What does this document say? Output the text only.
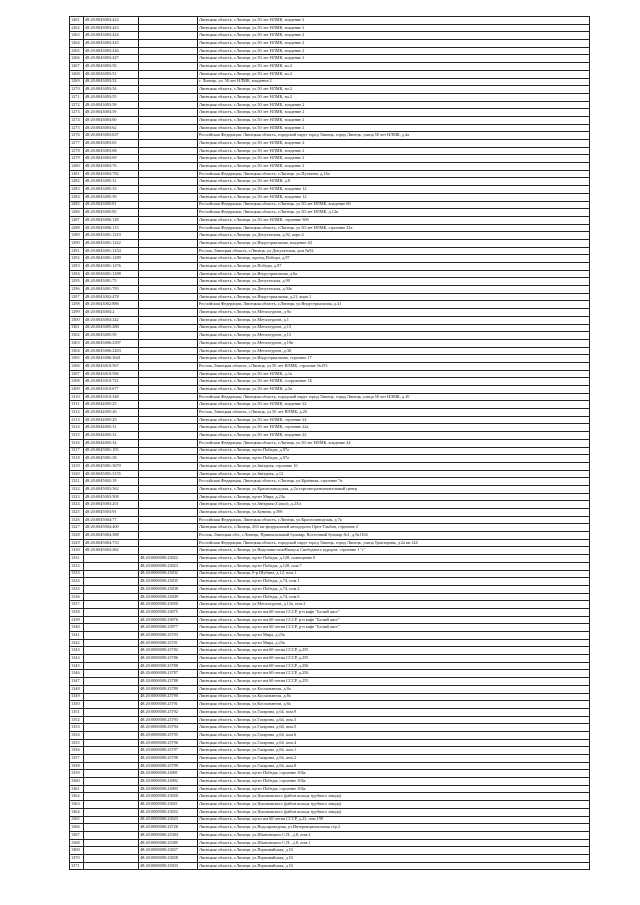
1261	48:20:0043003:422		Липецкая область, г.Липецк, ул.50 лет НЛМК, владение 2
1262	48:20:0043003:423		Липецкая область, г.Липецк, ул.50 лет НЛМК, владение 2
1263	48:20:0043003:424		Липецкая область, г.Липецк, ул.50 лет НЛМК, владение 2
1264	48:20:0043003:425		Липецкая область, г.Липецк, ул.50 лет НЛМК, владение 2
1265	48:20:0043003:426		Липецкая область, г.Липецк, ул.50 лет НЛМК, владение 2
1266	48:20:0043003:427		Липецкая область, г.Липецк, ул.50 лет НЛМК, владение 2
1267	48:20:0043003:50		Липецкая область, г.Липецк, ул.50 лет НЛМК, вл.2
1268	48:20:0043003:51		Липецкая область, г.Липецк, ул.50 лет НЛМК, вл.2
1269	48:20:0043003:52		г. Липецк, ул. 50 лет НЛМК, владение 2
1270	48:20:0043003:54		Липецкая область, г.Липецк, ул.50 лет НЛМК, вл.2
1271	48:20:0043003:55		Липецкая область, г.Липецк, ул.50 лет НЛМК, вл.2
1272	48:20:0043003:58		Липецкая область, г.Липецк, ул.50 лет НЛМК, владение 2
1273	48:20:0043003:59		Липецкая область, г.Липецк, ул.50 лет НЛМК, владение 2
1274	48:20:0043003:60		Липецкая область, г.Липецк, ул.50 лет НЛМК, владение 2
1275	48:20:0043003:62		Липецкая область, г.Липецк, ул.50 лет НЛМК, владение 2
1276	48:20:0043003:637		Российская Федерация, Липецкая область, городской округ город Липецк, город Липецк, улица 50 лет НЛМК, д.4а
1277	48:20:0043003:65		Липецкая область, г.Липецк, ул.50 лет НЛМК, владение 2
1278	48:20:0043003:68		Липецкая область, г.Липецк, ул.50 лет НЛМК, владение 2
1279	48:20:0043003:69		Липецкая область, г.Липецк, ул.50 лет НЛМК, владение 2
1280	48:20:0043003:76		Липецкая область, г.Липецк, ул.50 лет НЛМК, владение 2
1281	48:20:0043004:782		Российская Федерация, Липецкая область, г.Липецк, ул.Пугачева, д.16а
1282	48:20:0043005:31		Липецкая область, г.Липецк, ул.50 лет НЛМК, д.8
1283	48:20:0043005:35		Липецкая область, г.Липецк, ул.50 лет НЛМК, владение 12
1284	48:20:0043005:39		Липецкая область, г.Липецк, ул.50 лет НЛМК, владение 12
1285	48:20:0043005:81		Российская Федерация, Липецкая область, г.Липецк, ул.50 лет НЛМК, владение 66
1286	48:20:0043005:85		Российская Федерация, Липецкая область, г.Липецк, ул.50 лет НЛМК, д.12в
1287	48:20:0043006:128		Липецкая область, г.Липецк, ул.50 лет НЛМК, строение 30б
1288	48:20:0043006:113		Российская Федерация, Липецкая область, г.Липецк, ул.50 лет НЛМК, строение 31а
1289	48:20:0043001:1219		Липецкая область, г.Липецк, ул.Депутатская, д.92, корп.4
1290	48:20:0043001:1222		Липецкая область, г.Липецк, ул.Индустриальная, владение 44
1291	48:20:0043001:1254		Россия, Липецкая область, г.Липецк, ул.Депутатская, дом №92
1292	48:20:0043001:1289		Липецкая область, г.Липецк, проезд Победы, д.87
1293	48:20:0043001:1276		Липецкая область, г.Липецк, ул.Победы, д.87
1294	48:20:0043001:1288		Липецкая область, г.Липецк, ул.Индустриальная, д.6а
1295	48:20:0043001:75		Липецкая область, г.Липецк, ул.Депутатская, д.90
1296	48:20:0043001:783		Липецкая область, г.Липецк, ул.Депутатская, д.94а
1297	48:20:0043002:478		Липецкая область, г.Липецк, ул.Индустриальная, д.21, корп.1
1298	48:20:0043002:886		Российская Федерация, Липецкая область, г.Липецк, ул.Индустриальная, д.41
1299	48:20:0043004:2		Липецкая область, г.Липецк, ул.Металлургов, д.9а
1300	48:20:0043004:242		Липецкая область, г.Липецк, ул.Металлургов, д.1
1301	48:20:0043005:288		Липецкая область, г.Липецк, ул.Металлургов, д.13
1302	48:20:0043005:59		Липецкая область, г.Липецк, ул.Металлургов, д.13
1303	48:20:0043006:2397		Липецкая область, г.Липецк, ул.Металлургов, д.19в
1304	48:20:0043006:2263		Липецкая область, г.Липецк, ул.Металлургов, д.36
1305	48:20:0043006:3641		Липецкая область, г.Липецк, ул.Индустриальная, строение 17
1306	48:20:0043010:567		Россия, Липецкая область, г.Липецк, ул.50 лет НЛМК, строение №155
1307	48:20:0043010:596		Липецкая область, г.Липецк, ул.50 лет НЛМК, д.1а
1308	48:20:0043010:721		Липецкая область, г.Липецк, ул.50 лет НЛМК, сооружение 1Б
1309	48:20:0043010:677		Липецкая область, г.Липецк, ул.50 лет НЛМК, д.3а
1310	48:20:0043010:348		Российская Федерация, Липецкая область, городской округ город Липецк, город Липецк, улица 50 лет НЛМК, д.10
1311	48:20:0044005:25		Липецкая область, г.Липецк, ул.50 лет НЛМК, владение 22
1312	48:20:0044005:26		Россия, Липецкая область, г.Липецк, ул.50 лет НЛМК, д.20
1313	48:20:0044005:29		Липецкая область, г.Липецк, ул.50 лет НЛМК, строение 24
1314	48:20:0044005:31		Липецкая область, г.Липецк, ул.50 лет НЛМК, строение 22а
1315	48:20:0044005:32		Липецкая область, г.Липецк, ул.50 лет НЛМК, владение 22
1316	48:20:0044005:34		Российская Федерация, Липецкая область, г.Липецк, ул.50 лет НЛМК, владение 24
1317	48:20:0045001:105		Липецкая область, г.Липецк, пр-кт Победы, д.87а
1318	48:20:0045001:38		Липецкая область, г.Липецк, пр-кт Победы, д.87а
1319	48:20:0045001:3670		Липецкая область, г.Липецк, ул.Звёздная, строение 1б
1320	48:20:0045001:3155		Липецкая область, г.Липецк, ул.Звёздная, д.12
1321	48:20:0045002:18		Российская Федерация, Липецкая область, г.Липецк, ул.Краёвная, строение 7в
1322	48:20:0045003:362		Липецкая область, г.Липецк, ул.Краснозаводская, д.2а торгово-развлекательный центр
1323	48:20:0045003:508		Липецкая область, г.Липецк, пр-кт Мира, д.23а
1324	48:20:0045003:201		Липецкая область, г.Липецк, ул.Звёздная (Сокол), д.23/а
1325	48:20:0045003:91		Липецкая область, г.Липецк, ул.Бунина, д.39б
1326	48:20:0045004:77		Российская Федерация, Липецкая область, г.Липецк, ул.Краснозаводская, д.7к
1327	48:20:0045004:400		Липецкая область, г.Липецк, 263 км федеральной автодороги Орел-Тамбов, строение 2
1328	48:20:0045004:388		Россия, Липецкая обл., г.Липецк, Привокзальный бульвар, Восточный бульвар №1, д.№1164
1329	48:20:0045004:753		Российская Федерация, Липецкая область, городской округ город Липецк, город Липецк, улица Тракторная, д.2а кв.144
1330	48:20:0045003:282		Липецкая область, г.Липецк, ул.Неделина-полеВыпуск Свободного курорта, строение 1 "г"
1331		48:20:0000000:23822	Липецкая область, г.Липецк, пр-кт Победы, д.128, помещение 6
1332		48:20:0000000:23823	Липецкая область, г.Липецк, пр-кт Победы, д.128, пом.7
1333		48:20:0000000:23832	Липецкая область, г.Липецк, б-р Шубина, д.12, пом.1
1334		48:20:0000000:23835	Липецкая область, г.Липецк, пр-кт Победы, д.74, пом.1
1335		48:20:0000000:23838	Липецкая область, г.Липецк, пр-кт Победы, д.74, пом.2
1336		48:20:0000000:23849	Липецкая область, г.Липецк, пр-кт Победы, д.74, пом.6
1337		48:20:0000000:23850	Липецкая область, г.Липецк, ул.Металлургов, д.13а, пом.2
1338		48:20:0000000:23875	Липецкая область, г.Липецк, пр-кт им.60-летия СССР, р-н кафе "Белый аист"
1339		48:20:0000000:23876	Липецкая область, г.Липецк, пр-кт им.60-летия СССР, р-н кафе "Белый аист"
1340		48:20:0000000:23877	Липецкая область, г.Липецк, пр-кт им.60-летия СССР, р-н кафе "Белый аист"
1341		48:20:0000000:23703	Липецкая область, г.Липецк, пр-кт Мира, д.23а
1342		48:20:0000000:23701	Липецкая область, г.Липецк, пр-кт Мира, д.23а
1343		48:20:0000000:23782	Липецкая область, г.Липецк, пр-кт им.60-летия СССР, д.255
1344		48:20:0000000:23786	Липецкая область, г.Липецк, пр-кт им.60-летия СССР, д.255
1345		48:20:0000000:23788	Липецкая область, г.Липецк, пр-кт им.60-летия СССР, д.256
1346		48:20:0000000:23787	Липецкая область, г.Липецк, пр-кт им.60-летия СССР, д.256
1347		48:20:0000000:23788	Липецкая область, г.Липецк, пр-кт им.60-летия СССР, д.255
1348		48:20:0000000:23789	Липецкая область, г.Липецк, ул.Космонавтов, д.8а
1349		48:20:0000000:23790	Липецкая область, г.Липецк, ул.Космонавтов, д.8а
1350		48:20:0000000:23791	Липецкая область, г.Липецк, ул.Космонавтов, д.8а
1351		48:20:0000000:23792	Липецкая область, г.Липецк, ул.Гагарина, д.64, пом.9
1352		48:20:0000000:23793	Липецкая область, г.Липецк, ул.Гагарина, д.64, пом.3
1353		48:20:0000000:23794	Липецкая область, г.Липецк, ул.Гагарина, д.64, пом.5
1354		48:20:0000000:23795	Липецкая область, г.Липецк, ул.Гагарина, д.64, пом.6
1355		48:20:0000000:23796	Липецкая область, г.Липецк, ул.Гагарина, д.64, пом.4
1356		48:20:0000000:23797	Липецкая область, г.Липецк, ул.Гагарина, д.64, пом.1
1357		48:20:0000000:23798	Липецкая область, г.Липецк, ул.Гагарина, д.64, пом.2
1358		48:20:0000000:23799	Липецкая область, г.Липецк, ул.Гагарина, д.64, пом.8
1359		48:20:0000000:23801	Липецкая область, г.Липецк, пр-кт Победы, строение 104а
1360		48:20:0000000:23802	Липецкая область, г.Липецк, пр-кт Победы, строение 104а
1361		48:20:0000000:23803	Липецкая область, г.Липецк, пр-кт Победы, строение 104а
1362		48:20:0000000:23820	Липецкая область, г.Липецк, ул.Циолковского (район кольца трубного завода)
1363		48:20:0000000:23821	Липецкая область, г.Липецк, ул.Циолковского (район кольца трубного завода)
1364		48:20:0000000:23822	Липецкая область, г.Липецк, ул.Циолковского (район кольца трубного завода)
1365		48:20:0000000:23823	Липецкая область, г.Липецк, пр-кт им.60-летия СССР, д.23, пом.198
1366		48:20:0000000:23726	Липецкая область, г.Липецк, ул.Водопроводная, ул.Интернациональная стр.2
1367		48:20:0000000:23384	Липецкая область, г.Липецк, ул.Шкатовского С.П., д.8, пом.2
1368		48:20:0000000:23385	Липецкая область, г.Липецк, ул.Шкатовского С.П., д.8, пом.1
1369		48:20:0000000:23827	Липецкая область, г.Липецк, ул.Первомайская, д.53
1370		48:20:0000000:23828	Липецкая область, г.Липецк, ул.Первомайская, д.53
1371		48:20:0000000:23833	Липецкая область, г.Липецк, ул.Первомайская, д.53
